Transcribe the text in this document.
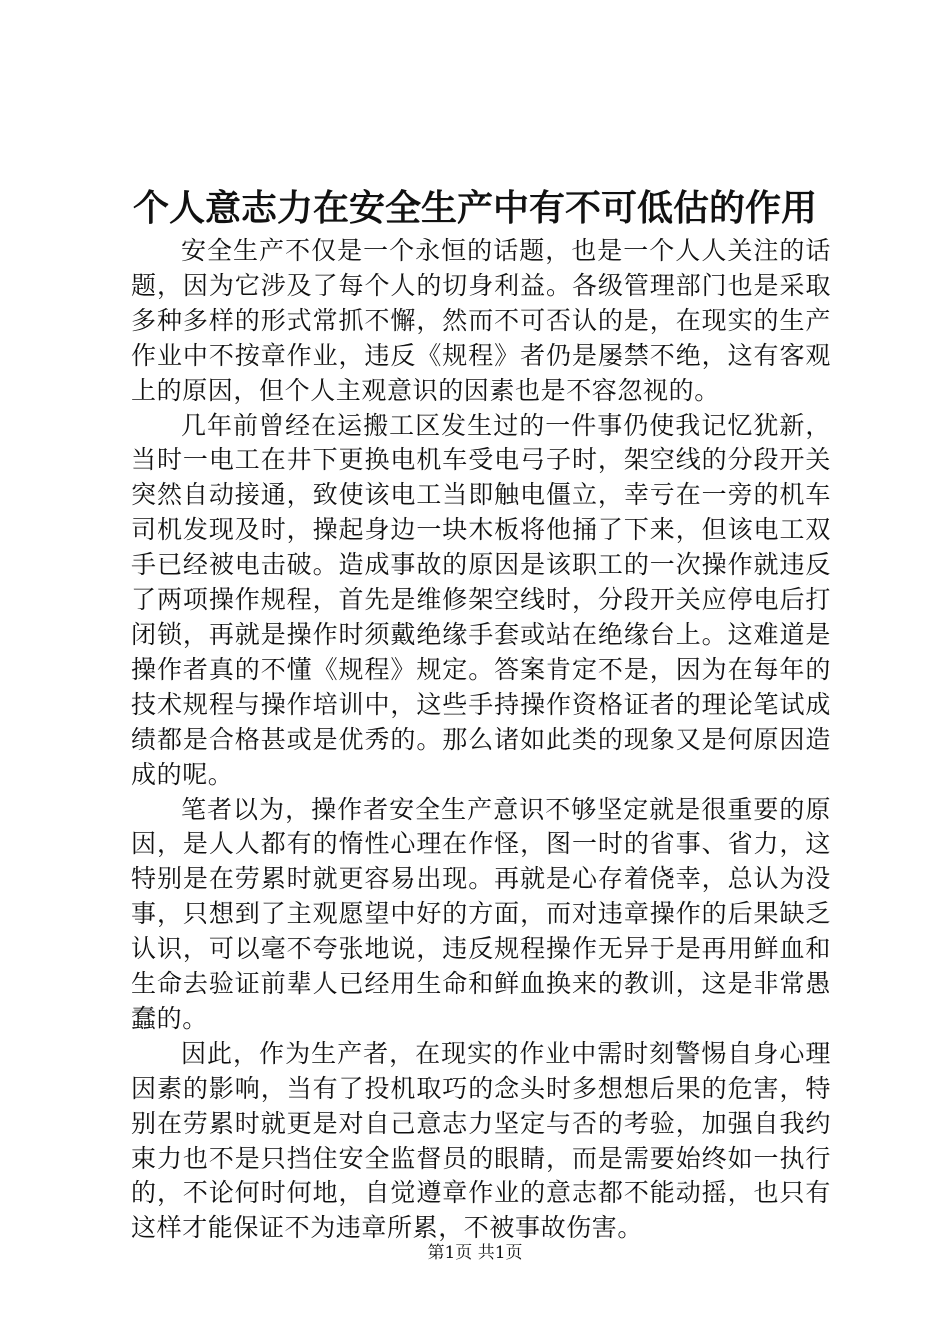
个人意志力在安全生产中有不可低估的作用

安全生产不仅是一个永恒的话题，也是一个人人关注的话题，因为它涉及了每个人的切身利益。各级管理部门也是采取多种多样的形式常抓不懈，然而不可否认的是，在现实的生产作业中不按章作业，违反《规程》者仍是屡禁不绝，这有客观上的原因，但个人主观意识的因素也是不容忽视的。

几年前曾经在运搬工区发生过的一件事仍使我记忆犹新，当时一电工在井下更换电机车受电弓子时，架空线的分段开关突然自动接通，致使该电工当即触电僵立，幸亏在一旁的机车司机发现及时，操起身边一块木板将他捅了下来，但该电工双手已经被电击破。造成事故的原因是该职工的一次操作就违反了两项操作规程，首先是维修架空线时，分段开关应停电后打闭锁，再就是操作时须戴绝缘手套或站在绝缘台上。这难道是操作者真的不懂《规程》规定。答案肯定不是，因为在每年的技术规程与操作培训中，这些手持操作资格证者的理论笔试成绩都是合格甚或是优秀的。那么诸如此类的现象又是何原因造成的呢。

笔者以为，操作者安全生产意识不够坚定就是很重要的原因，是人人都有的惰性心理在作怪，图一时的省事、省力，这特别是在劳累时就更容易出现。再就是心存着侥幸，总认为没事，只想到了主观愿望中好的方面，而对违章操作的后果缺乏认识，可以毫不夸张地说，违反规程操作无异于是再用鲜血和生命去验证前辈人已经用生命和鲜血换来的教训，这是非常愚蠢的。

因此，作为生产者，在现实的作业中需时刻警惕自身心理因素的影响，当有了投机取巧的念头时多想想后果的危害，特别在劳累时就更是对自己意志力坚定与否的考验，加强自我约束力也不是只挡住安全监督员的眼睛，而是需要始终如一执行的，不论何时何地，自觉遵章作业的意志都不能动摇，也只有这样才能保证不为违章所累，不被事故伤害。

第1页 共1页
